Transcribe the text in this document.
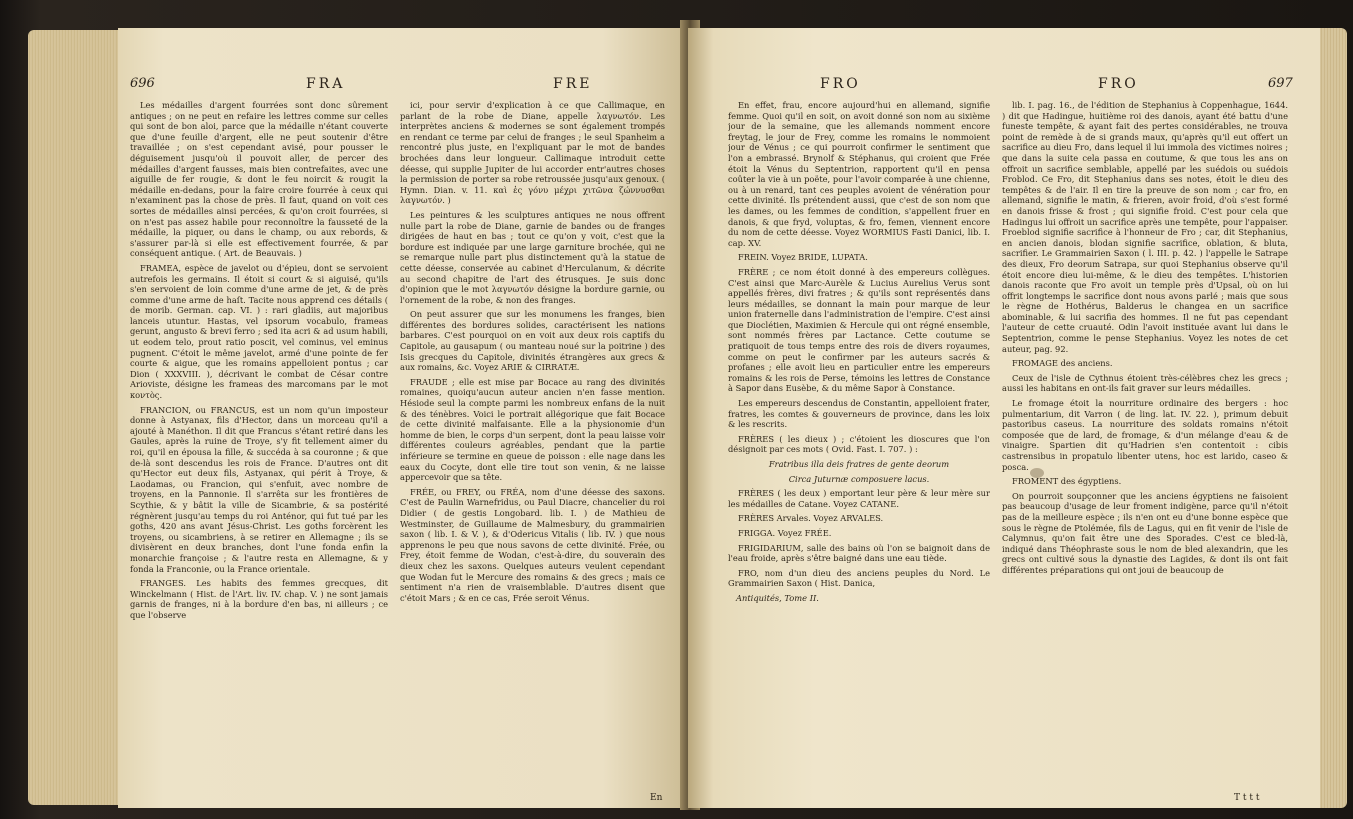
696	FRA	FRE

Les médailles d'argent fourrées sont donc sûrement antiques ; on ne peut en refaire les lettres comme sur celles qui sont de bon aloi, parce que la médaille n'étant couverte que d'une feuille d'argent, elle ne peut soutenir d'être travaillée ; on s'est cependant avisé, pour pousser le déguisement jusqu'où il pouvoit aller, de percer des médailles d'argent fausses, mais bien contrefaites, avec une aiguille de fer rougie, & dont le feu noircit & rougit la médaille en-dedans, pour la faire croire fourrée à ceux qui n'examinent pas la chose de près. Il faut, quand on voit ces sortes de médailles ainsi percées, & qu'on croit fourrées, si on n'est pas assez habile pour reconnoître la fausseté de la médaille, la piquer, ou dans le champ, ou aux rebords, & s'assurer par-là si elle est effectivement fourrée, & par conséquent antique. ( Art. de Beauvais. )

FRAMEA, espèce de javelot ou d'épieu, dont se servoient autrefois les germains. Il étoit si court & si aiguisé, qu'ils s'en servoient de loin comme d'une arme de jet, & de près comme d'une arme de haſt. Tacite nous apprend ces détails ( de morib. German. cap. VI. ) : rari gladiis, aut majoribus lanceis utuntur. Hastas, vel ipsorum vocabulo, frameas gerunt, angusto & brevi ferro ; sed ita acri & ad usum habili, ut eodem telo, prout ratio poscit, vel cominus, vel eminus pugnent. C'étoit le même javelot, armé d'une pointe de fer courte & aigue, que les romains appelloient pontus ; car Dion ( XXXVIII. ), décrivant le combat de César contre Arioviste, désigne les frameas des marcomans par le mot κοντὸς.

FRANCION, ou FRANCUS, est un nom qu'un imposteur donne à Astyanax, fils d'Hector, dans un morceau qu'il a ajouté à Manéthon. Il dit que Francus s'étant retiré dans les Gaules, après la ruine de Troye, s'y fit tellement aimer du roi, qu'il en épousa la fille, & succéda à sa couronne ; & que de-là sont descendus les rois de France. D'autres ont dit qu'Hector eut deux fils, Astyanax, qui périt à Troye, & Laodamas, ou Francion, qui s'enfuit, avec nombre de troyens, en la Pannonie. Il s'arrêta sur les frontières de Scythie, & y bâtit la ville de Sicambrie, & sa postérité régnèrent jusqu'au temps du roi Anténor, qui fut tué par les goths, 420 ans avant Jésus-Christ. Les goths forcèrent les troyens, ou sicambriens, à se retirer en Allemagne ; ils se divisèrent en deux branches, dont l'une fonda enfin la monarchie françoise ; & l'autre resta en Allemagne, & y fonda la Franconie, ou la France orientale.

FRANGES. Les habits des femmes grecques, dit Winckelmann ( Hist. de l'Art. liv. IV. chap. V. ) ne sont jamais garnis de franges, ni à la bordure d'en bas, ni ailleurs ; ce que l'observe

ici, pour servir d'explication à ce que Callimaque, en parlant de la robe de Diane, appelle λαγνωτόν. Les interprètes anciens & modernes se sont également trompés en rendant ce terme par celui de franges ; le seul Spanheim a rencontré plus juste, en l'expliquant par le mot de bandes brochées dans leur longueur. Callimaque introduit cette déesse, qui supplie Jupiter de lui accorder entr'autres choses la permission de porter sa robe retroussée jusqu'aux genoux. ( Hymn. Dian. v. 11. καὶ ἐς γόνυ μέχρι χιτῶνα ζώννυσθαι λαγνωτόν. )

Les peintures & les sculptures antiques ne nous offrent nulle part la robe de Diane, garnie de bandes ou de franges dirigées de haut en bas ; tout ce qu'on y voit, c'est que la bordure est indiquée par une large garniture brochée, qui ne se remarque nulle part plus distinctement qu'à la statue de cette déesse, conservée au cabinet d'Herculanum, & décrite au second chapitre de l'art des étrusques. Je suis donc d'opinion que le mot λαγνωτόν désigne la bordure garnie, ou l'ornement de la robe, & non des franges.

On peut assurer que sur les monumens les franges, bien différentes des bordures solides, caractérisent les nations barbares. C'est pourquoi on en voit aux deux rois captifs du Capitole, au gausapum ( ou manteau noué sur la poitrine ) des Isis grecques du Capitole, divinités étrangères aux grecs & aux romains, &c. Voyez ARIE & CIRRATÆ.

FRAUDE ; elle est mise par Bocace au rang des divinités romaines, quoiqu'aucun auteur ancien n'en fasse mention. Hésiode seul la compte parmi les nombreux enfans de la nuit & des ténèbres. Voici le portrait allégorique que fait Bocace de cette divinité malfaisante. Elle a la physionomie d'un homme de bien, le corps d'un serpent, dont la peau laisse voir différentes couleurs agréables, pendant que la partie inférieure se termine en queue de poisson : elle nage dans les eaux du Cocyte, dont elle tire tout son venin, & ne laisse appercevoir que sa tête.

FRÉE, ou FREY, ou FRÉA, nom d'une déesse des saxons. C'est de Paulin Warnefridus, ou Paul Diacre, chancelier du roi Didier ( de gestis Longobard. lib. I. ) de Mathieu de Westminster, de Guillaume de Malmesbury, du grammairien saxon ( lib. I. & V. ), & d'Odericus Vitalis ( lib. IV. ) que nous apprenons le peu que nous savons de cette divinité. Frée, ou Frey, étoit femme de Wodan, c'est-à-dire, du souverain des dieux chez les saxons. Quelques auteurs veulent cependant que Wodan fut le Mercure des romains & des grecs ; mais ce sentiment n'a rien de vraisemblable. D'autres disent que c'étoit Mars ; & en ce cas, Frée seroit Vénus.

En
FRO	FRO	697

En effet, frau, encore aujourd'hui en allemand, signifie femme. Quoi qu'il en soit, on avoit donné son nom au sixième jour de la semaine, que les allemands nomment encore freytag, le jour de Frey, comme les romains le nommoient jour de Vénus ; ce qui pourroit confirmer le sentiment que l'on a embrassé. Brynolf & Stéphanus, qui croient que Frée étoit la Vénus du Septentrion, rapportent qu'il en pensa coûter la vie à un poëte, pour l'avoir comparée à une chienne, ou à un renard, tant ces peuples avoient de vénération pour cette divinité. Ils prétendent aussi, que c'est de son nom que les dames, ou les femmes de condition, s'appellent fruer en danois, & que fryd, voluptas, & fro, femen, viennent encore du nom de cette déesse. Voyez WORMIUS Fasti Danici, lib. I. cap. XV.

FREIN. Voyez BRIDE, LUPATA.

FRÈRE ; ce nom étoit donné à des empereurs collègues. C'est ainsi que Marc-Aurèle & Lucius Aurelius Verus sont appellés frères, divi fratres ; & qu'ils sont représentés dans leurs médailles, se donnant la main pour marque de leur union fraternelle dans l'administration de l'empire. C'est ainsi que Dioclétien, Maximien & Hercule qui ont régné ensemble, sont nommés frères par Lactance. Cette coutume se pratiquoit de tous temps entre des rois de divers royaumes, comme on peut le confirmer par les auteurs sacrés & profanes ; elle avoit lieu en particulier entre les empereurs romains & les rois de Perse, témoins les lettres de Constance à Sapor dans Eusèbe, & du même Sapor à Constance.

Les empereurs descendus de Constantin, appelloient frater, fratres, les comtes & gouverneurs de province, dans les loix & les rescrits.

FRÈRES ( les dieux ) ; c'étoient les dioscures que l'on désignoit par ces mots ( Ovid. Fast. I. 707. ) :

Fratribus illa deis fratres de gente deorum

Circa Juturnæ composuere lacus.

FRÈRES ( les deux ) emportant leur père & leur mère sur les médailles de Catane. Voyez CATANE.

FRÈRES Arvales. Voyez ARVALES.

FRIGGA. Voyez FRÉE.

FRIGIDARIUM, salle des bains où l'on se baignoit dans de l'eau froide, après s'être baigné dans une eau tiède.

FRO, nom d'un dieu des anciens peuples du Nord. Le Grammairien Saxon ( Hist. Danica,

Antiquités, Tome II.

lib. I. pag. 16., de l'édition de Stephanius à Coppenhague, 1644. ) dit que Hadingue, huitième roi des danois, ayant été battu d'une funeste tempête, & ayant fait des pertes considérables, ne trouva point de remède à de si grands maux, qu'après qu'il eut offert un sacrifice au dieu Fro, dans lequel il lui immola des victimes noires ; que dans la suite cela passa en coutume, & que tous les ans on offroit un sacrifice semblable, appellé par les suédois ou suédois Froblod. Ce Fro, dit Stephanius dans ses notes, étoit le dieu des tempêtes & de l'air. Il en tire la preuve de son nom ; car fro, en allemand, signifie le matin, & frieren, avoir froid, d'où s'est formé en danois frisse & frost ; qui signifie froid. C'est pour cela que Hadingus lui offroit un sacrifice après une tempête, pour l'appaiser. Froeblod signifie sacrifice à l'honneur de Fro ; car, dit Stephanius, en ancien danois, blodan signifie sacrifice, oblation, & bluta, sacrifier. Le Grammairien Saxon ( l. III. p. 42. ) l'appelle le Satrape des dieux, Fro deorum Satrapa, sur quoi Stephanius observe qu'il étoit encore dieu lui-même, & le dieu des tempêtes. L'historien danois raconte que Fro avoit un temple près d'Upsal, où on lui offrit longtemps le sacrifice dont nous avons parlé ; mais que sous le règne de Hothérus, Balderus le changea en un sacrifice abominable, & lui sacrifia des hommes. Il ne fut pas cependant l'auteur de cette cruauté. Odin l'avoit instituée avant lui dans le Septentrion, comme le pense Stephanius. Voyez les notes de cet auteur, pag. 92.

FROMAGE des anciens.

Ceux de l'isle de Cythnus étoient très-célèbres chez les grecs ; aussi les habitans en ont-ils fait graver sur leurs médailles.

Le fromage étoit la nourriture ordinaire des bergers : hoc pulmentarium, dit Varron ( de ling. lat. IV. 22. ), primum debuit pastoribus caseus. La nourriture des soldats romains n'étoit composée que de lard, de fromage, & d'un mélange d'eau & de vinaigre. Spartien dit qu'Hadrien s'en contentoit : cibis castrensibus in propatulo libenter utens, hoc est larido, caseo & posca.

FROMENT des égyptiens.

On pourroit soupçonner que les anciens égyptiens ne faisoient pas beaucoup d'usage de leur froment indigène, parce qu'il n'étoit pas de la meilleure espèce ; ils n'en ont eu d'une bonne espèce que sous le règne de Ptolémée, fils de Lagus, qui en fit venir de l'isle de Calymnus, qu'on fait être une des Sporades. C'est ce bled-là, indiqué dans Théophraste sous le nom de bled alexandrin, que les grecs ont cultivé sous la dynastie des Lagides, & dont ils ont fait différentes préparations qui ont joui de beaucoup de

T t t t
